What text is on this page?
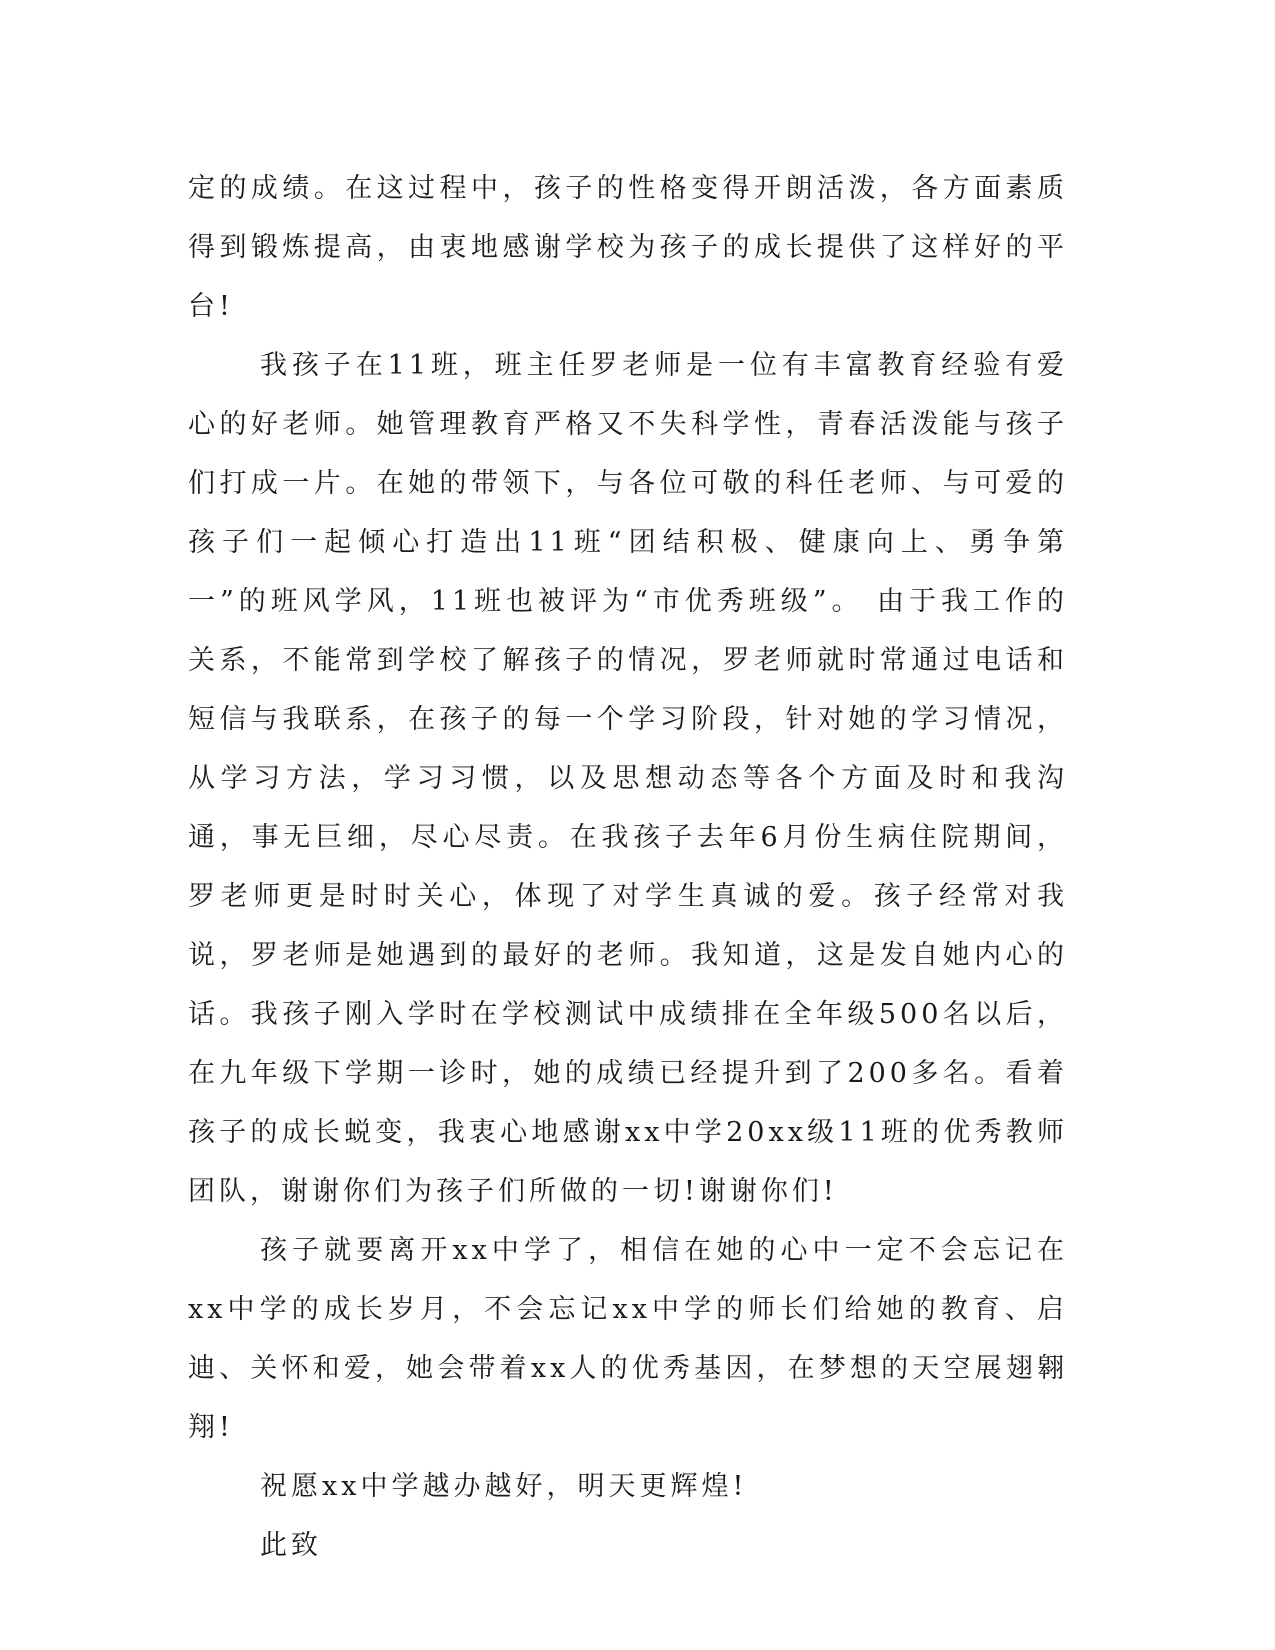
定的成绩。在这过程中，孩子的性格变得开朗活泼，各方面素质得到锻炼提高，由衷地感谢学校为孩子的成长提供了这样好的平台!

我孩子在11班，班主任罗老师是一位有丰富教育经验有爱心的好老师。她管理教育严格又不失科学性，青春活泼能与孩子们打成一片。在她的带领下，与各位可敬的科任老师、与可爱的孩子们一起倾心打造出11班“团结积极、健康向上、勇争第一”的班风学风，11班也被评为“市优秀班级”。 由于我工作的关系，不能常到学校了解孩子的情况，罗老师就时常通过电话和短信与我联系，在孩子的每一个学习阶段，针对她的学习情况，从学习方法，学习习惯，以及思想动态等各个方面及时和我沟通，事无巨细，尽心尽责。在我孩子去年6月份生病住院期间，罗老师更是时时关心，体现了对学生真诚的爱。孩子经常对我说，罗老师是她遇到的最好的老师。我知道，这是发自她内心的话。我孩子刚入学时在学校测试中成绩排在全年级500名以后，在九年级下学期一诊时，她的成绩已经提升到了200多名。看着孩子的成长蜕变，我衷心地感谢xx中学20xx级11班的优秀教师团队，谢谢你们为孩子们所做的一切!谢谢你们!

孩子就要离开xx中学了，相信在她的心中一定不会忘记在xx中学的成长岁月，不会忘记xx中学的师长们给她的教育、启迪、关怀和爱，她会带着xx人的优秀基因，在梦想的天空展翅翱翔!

祝愿xx中学越办越好，明天更辉煌!

此致
